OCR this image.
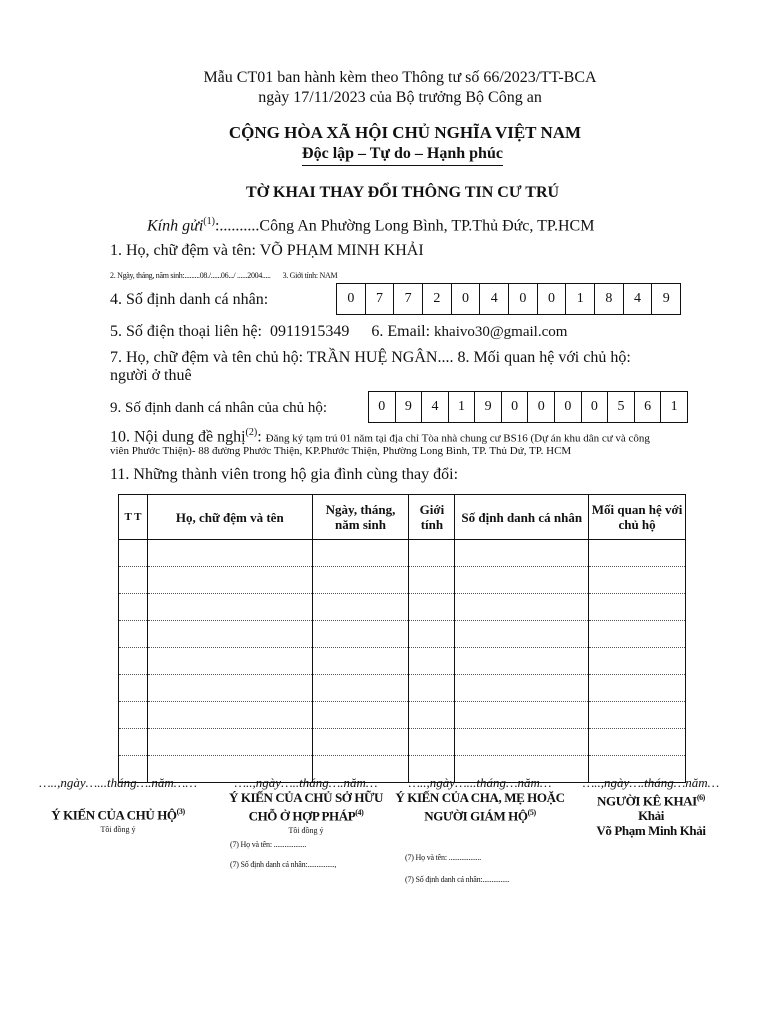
Mẫu CT01 ban hành kèm theo Thông tư số 66/2023/TT-BCA
ngày 17/11/2023 của Bộ trưởng Bộ Công an
CỘNG HÒA XÃ HỘI CHỦ NGHĨA VIỆT NAM
Độc lập – Tự do – Hạnh phúc
TỜ KHAI THAY ĐỔI THÔNG TIN CƯ TRÚ
Kính gửi$^{(1)}$:..........Công An Phường Long Bình, TP.Thủ Đức, TP.HCM
1. Họ, chữ đệm và tên: VÕ PHẠM MINH KHẢI
2. Ngày, tháng, năm sinh:.........08./......06.../ ......2004..... 3. Giới tính: NAM
4. Số định danh cá nhân:	0	7	7	2	0	4	0	0	1	8	4	9
5. Số điện thoại liên hệ: 0911915349 6. Email: khaivo30@gmail.com
7. Họ, chữ đệm và tên chủ hộ: TRẦN HUỆ NGÂN.... 8. Mối quan hệ với chủ hộ:
người ở thuê
9. Số định danh cá nhân của chủ hộ:	0	9	4	1	9	0	0	0	0	5	6	1
10. Nội dung đề nghị$^{(2)}$: Đăng ký tạm trú 01 năm tại địa chỉ Tòa nhà chung cư BS16 (Dự án khu dân cư và công
viên Phước Thiện)- 88 đường Phước Thiện, KP.Phước Thiện, Phường Long Bình, TP. Thủ Dứ, TP. HCM
11. Những thành viên trong hộ gia đình cùng thay đổi:
T T	Họ, chữ đệm và tên	Ngày, tháng, năm sinh	Giới tính	Số định danh cá nhân	Mối quan hệ với chủ hộ

…..,ngày…...tháng….năm……
Ý KIẾN CỦA CHỦ HỘ$^{(3)}$
Tôi đồng ý
…..,ngày…..tháng….năm…
Ý KIẾN CỦA CHỦ SỞ HỮU CHỖ Ở HỢP PHÁP$^{(4)}$
Tôi đồng ý
(7) Họ và tên: ..................
(7) Số định danh cá nhân:...............,
…..,ngày…...tháng…năm…
Ý KIẾN CỦA CHA, MẸ HOẶC NGƯỜI GIÁM HỘ$^{(5)}$
(7) Họ và tên: ..................
(7) Số định danh cá nhân:...............
…..,ngày….tháng…năm…
NGƯỜI KÊ KHAI$^{(6)}$
Khải
Võ Phạm Minh Khải
